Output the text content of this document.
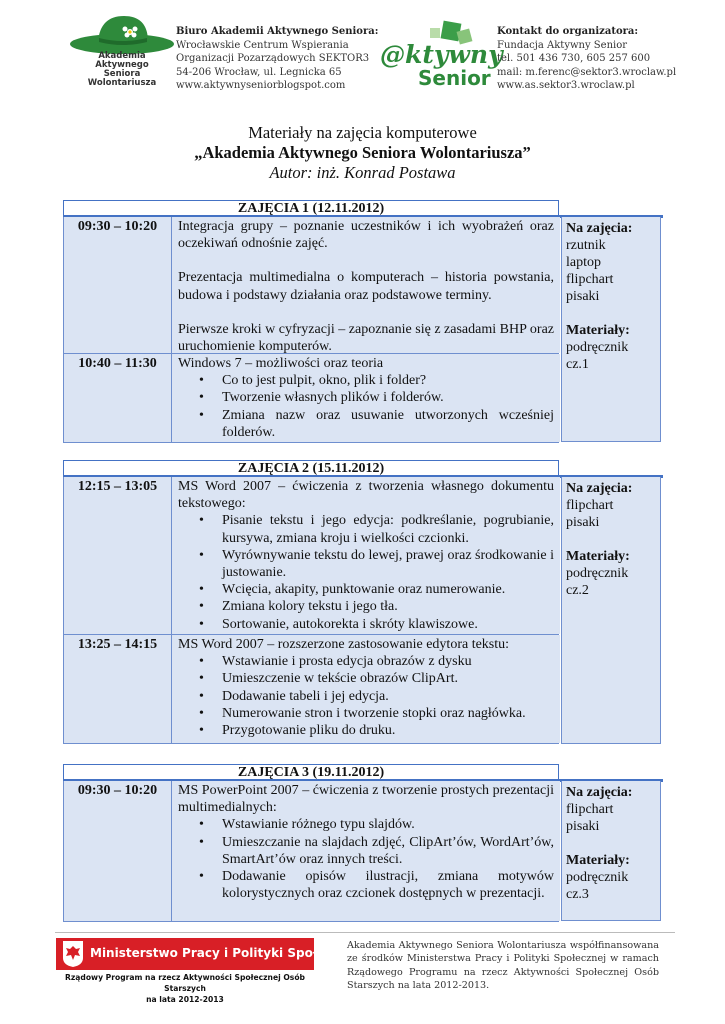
Akademia
Aktywnego
Seniora
Wolontariusza
Biuro Akademii Aktywnego Seniora:
Wrocławskie Centrum Wspierania
Organizacji Pozarządowych SEKTOR3
54-206 Wrocław, ul. Legnicka 65
www.aktywnyseniorblogspot.com
@ktywny
Senior
Kontakt do organizatora:
Fundacja Aktywny Senior
tel. 501 436 730, 605 257 600
mail: m.ferenc@sektor3.wroclaw.pl
www.as.sektor3.wroclaw.pl
Materiały na zajęcia komputerowe
„Akademia Aktywnego Seniora Wolontariusza”
Autor: inż. Konrad Postawa
ZAJĘCIA 1 (12.11.2012)
09:30 – 10:20	Integracja grupy – poznanie uczestników i ich wyobrażeń oraz oczekiwań odnośnie zajęć.

Prezentacja multimedialna o komputerach – historia powstania, budowa i podstawy działania oraz podstawowe terminy.

Pierwsze kroki w cyfryzacji – zapoznanie się z zasadami BHP oraz uruchomienie komputerów.

10:40 – 11:30	Windows 7 – możliwości oraz teoria

• Co to jest pulpit, okno, plik i folder?
• Tworzenie własnych plików i folderów.
• Zmiana nazw oraz usuwanie utworzonych wcześniej folderów.
Na zajęcia:
rzutnik
laptop
flipchart
pisaki
Materiały:
podręcznik
cz.1
ZAJĘCIA 2 (15.11.2012)
12:15 – 13:05	MS Word 2007 – ćwiczenia z tworzenia własnego dokumentu tekstowego:

• Pisanie tekstu i jego edycja: podkreślanie, pogrubianie, kursywa, zmiana kroju i wielkości czcionki.
• Wyrównywanie tekstu do lewej, prawej oraz środkowanie i justowanie.
• Wcięcia, akapity, punktowanie oraz numerowanie.
• Zmiana kolory tekstu i jego tła.
• Sortowanie, autokorekta i skróty klawiszowe.
13:25 – 14:15	MS Word 2007 – rozszerzone zastosowanie edytora tekstu:

• Wstawianie i prosta edycja obrazów z dysku
• Umieszczenie w tekście obrazów ClipArt.
• Dodawanie tabeli i jej edycja.
• Numerowanie stron i tworzenie stopki oraz nagłówka.
• Przygotowanie pliku do druku.
Na zajęcia:
flipchart
pisaki
Materiały:
podręcznik
cz.2
ZAJĘCIA 3 (19.11.2012)
09:30 – 10:20	MS PowerPoint 2007 – ćwiczenia z tworzenie prostych prezentacji multimedialnych:

• Wstawianie różnego typu slajdów.
• Umieszczanie na slajdach zdjęć, ClipArt’ów, WordArt’ów, SmartArt’ów oraz innych treści.
• Dodawanie opisów ilustracji, zmiana motywów kolorystycznych oraz czcionek dostępnych w prezentacji.
Na zajęcia:
flipchart
pisaki
Materiały:
podręcznik
cz.3
Ministerstwo Pracy i Polityki Społecznej
Rządowy Program na rzecz Aktywności Społecznej Osób Starszych
na lata 2012-2013
Akademia Aktywnego Seniora Wolontariusza współfinansowana ze środków Ministerstwa Pracy i Polityki Społecznej w ramach Rządowego Programu na rzecz Aktywności Społecznej Osób Starszych na lata 2012-2013.
